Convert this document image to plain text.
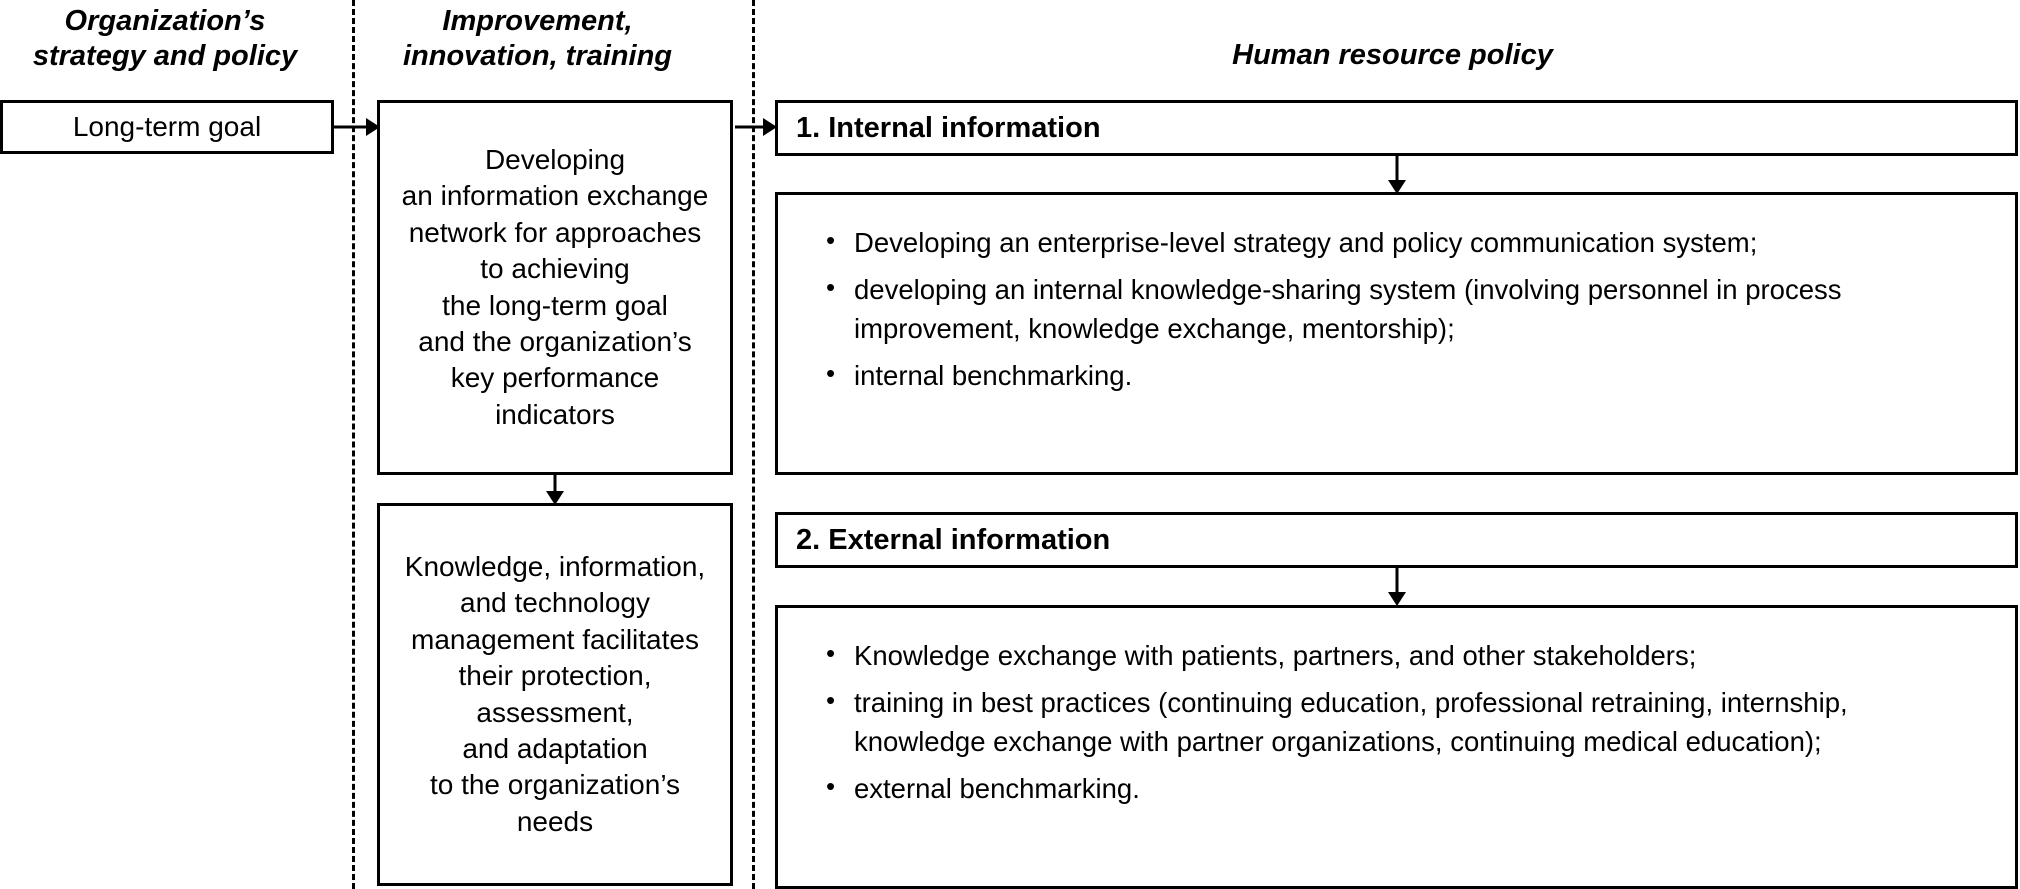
Organization’s
strategy and policy
Improvement,
innovation, training	Human resource policy
Long-term goal
Developing
an information exchange
network for approaches
to achieving
the long-term goal
and the organization’s
key performance
indicators
Knowledge, information,
and technology
management facilitates
their protection,
assessment,
and adaptation
to the organization’s
needs
1. Internal information
• Developing an enterprise-level strategy and policy communication system;
• developing an internal knowledge-sharing system (involving personnel in process improvement, knowledge exchange, mentorship);
• internal benchmarking.
2. External information
• Knowledge exchange with patients, partners, and other stakeholders;
• training in best practices (continuing education, professional retraining, internship, knowledge exchange with partner organizations, continuing medical education);
• external benchmarking.
